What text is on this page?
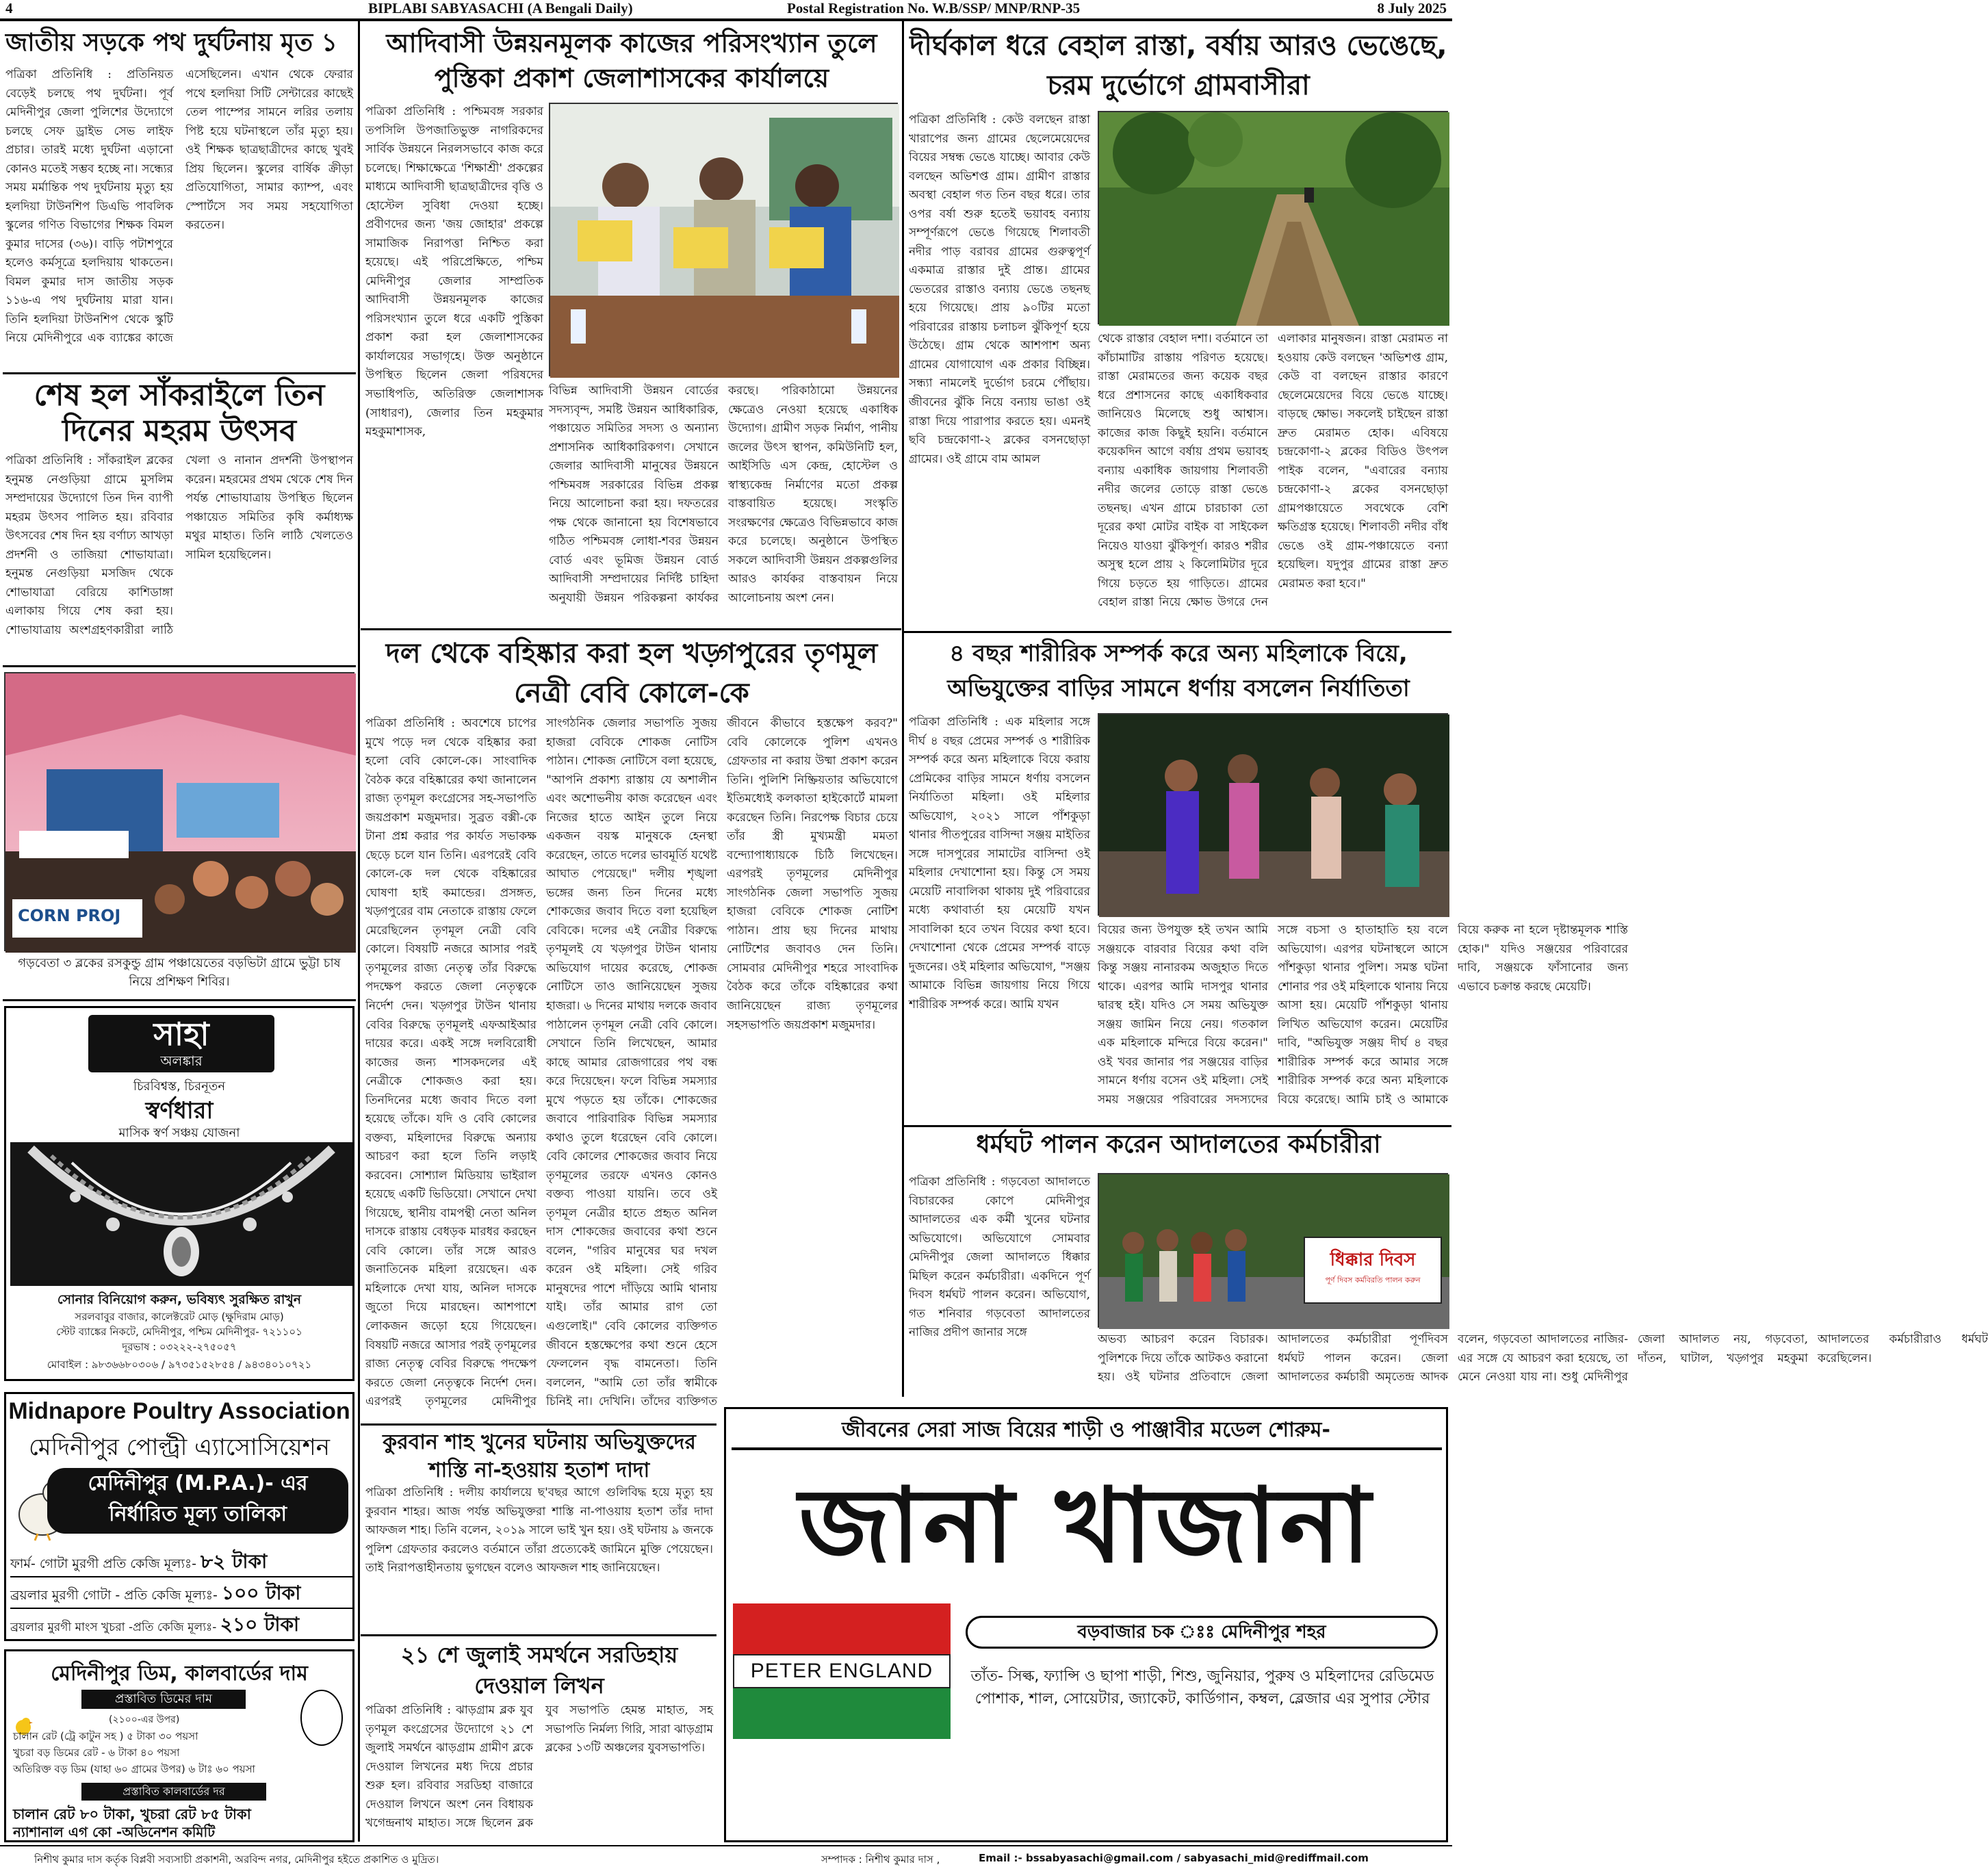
4	BIPLABI SABYASACHI (A Bengali Daily)	Postal Registration No. W.B/SSP/ MNP/RNP-35	8 July 2025
জাতীয় সড়কে পথ দুর্ঘটনায় মৃত ১
পত্রিকা প্রতিনিধি : প্রতিনিয়ত বেড়েই চলছে পথ দুর্ঘটনা। পূর্ব মেদিনীপুর জেলা পুলিশের উদ্যোগে চলছে সেফ ড্রাইভ সেভ লাইফ প্রচার। তারই মধ্যে দুর্ঘটনা এড়ানো কোনও মতেই সম্ভব হচ্ছে না। সন্ধ্যের সময় মর্মান্তিক পথ দুর্ঘটনায় মৃত্যু হয় হলদিয়া টাউনশিপ ডিএভি পাবলিক স্কুলের গণিত বিভাগের শিক্ষক বিমল কুমার দাসের (৩৬)। বাড়ি পটাশপুরে হলেও কর্মসূত্রে হলদিয়ায় থাকতেন। বিমল কুমার দাস জাতীয় সড়ক ১১৬-এ পথ দুর্ঘটনায় মারা যান। তিনি হলদিয়া টাউনশিপ থেকে স্কুটি নিয়ে মেদিনীপুরে এক ব্যাঙ্কের কাজে এসেছিলেন। এখান থেকে ফেরার পথে হলদিয়া সিটি সেন্টারের কাছেই তেল পাম্পের সামনে লরির তলায় পিষ্ট হয়ে ঘটনাস্থলে তাঁর মৃত্যু হয়। ওই শিক্ষক ছাত্রছাত্রীদের কাছে খুবই প্রিয় ছিলেন। স্কুলের বার্ষিক ক্রীড়া প্রতিযোগিতা, সামার ক্যাম্প, এবং স্পোর্টসে সব সময় সহযোগিতা করতেন।
শেষ হল সাঁকরাইলে তিন দিনের মহরম উৎসব
পত্রিকা প্রতিনিধি : সাঁকরাইল ব্লকের হনুমন্ত নেগুড়িয়া গ্রামে মুসলিম সম্প্রদায়ের উদ্যোগে তিন দিন ব্যাপী মহরম উৎসব পালিত হয়। রবিবার উৎসবের শেষ দিন হয় বর্ণাঢ্য আখড়া প্রদর্শনী ও তাজিয়া শোভাযাত্রা। হনুমন্ত নেগুড়িয়া মসজিদ থেকে শোভাযাত্রা বেরিয়ে কাশিডাঙ্গা এলাকায় গিয়ে শেষ করা হয়। শোভাযাত্রায় অংশগ্রহণকারীরা লাঠি খেলা ও নানান প্রদর্শনী উপস্থাপন করেন। মহরমের প্রথম থেকে শেষ দিন পর্যন্ত শোভাযাত্রায় উপস্থিত ছিলেন পঞ্চায়েত সমিতির কৃষি কর্মাধ্যক্ষ মথুর মাহাত। তিনি লাঠি খেলতেও সামিল হয়েছিলেন।
CORN PROJ
গড়বেতা ৩ ব্লকের রসকুন্ডু গ্রাম পঞ্চায়েতের বড়ভিটা গ্রামে ভুট্টা চাষ নিয়ে প্রশিক্ষণ শিবির।
সাহা
অলঙ্কার
চিরবিশ্বস্ত, চিরনূতন
স্বর্ণধারা
মাসিক স্বর্ণ সঞ্চয় যোজনা
সোনার বিনিয়োগ করুন, ভবিষ্যৎ সুরক্ষিত রাখুন
সরলবাবুর বাজার, কালেক্টরেট মোড় (ক্ষুদিরাম মোড়)
স্টেট ব্যাঙ্কের নিকটে, মেদিনীপুর, পশ্চিম মেদিনীপুর- ৭২১১০১
দূরভাষ : ০৩২২২-২৭৫০৫৭
মোবাইল : ৯৮৩৬৬৮০৩০৬ / ৯৭৩৫১৫২৮৫৪ / ৯৪৩৪০১০৭২১
Midnapore Poultry Association
মেদিনীপুর পোল্ট্রী এ্যাসোসিয়েশন
মেদিনীপুর (M.P.A.)- এর
নির্ধারিত মূল্য তালিকা
ফার্ম- গোটা মুরগী প্রতি কেজি মূল্যঃ- ৮২ টাকা
ব্রয়লার মুরগী গোটা - প্রতি কেজি মূল্যঃ- ১০০ টাকা
ব্রয়লার মুরগী মাংস খুচরা -প্রতি কেজি মূল্যঃ- ২১০ টাকা
মেদিনীপুর ডিম, কালবার্ডের দাম
প্রস্তাবিত ডিমের দাম
(২১০০-এর উপর)
চালান রেট (ট্রে কাটুন সহ ) ৫ টাকা ৩০ পয়সা
খুচরা বড় ডিমের রেট - ৬ টাকা ৪০ পয়সা
অতিরিক্ত বড় ডিম (যাহা ৬০ গ্রামের উপর) ৬ টাঃ ৬০ পয়সা
প্রস্তাবিত কালবার্ডের দর
চালান রেট ৮০ টাকা, খুচরা রেট ৮৫ টাকা
ন্যাশানাল এগ কো -অডিনেশন কমিটি
আদিবাসী উন্নয়নমূলক কাজের পরিসংখ্যান তুলে পুস্তিকা প্রকাশ জেলাশাসকের কার্যালয়ে
পত্রিকা প্রতিনিধি : পশ্চিমবঙ্গ সরকার তপসিলি উপজাতিভুক্ত নাগরিকদের সার্বিক উন্নয়নে নিরলসভাবে কাজ করে চলেছে। শিক্ষাক্ষেত্রে 'শিক্ষাশ্রী' প্রকল্পের মাধ্যমে আদিবাসী ছাত্রছাত্রীদের বৃত্তি ও হোস্টেল সুবিধা দেওয়া হচ্ছে। প্রবীণদের জন্য 'জয় জোহার' প্রকল্পে সামাজিক নিরাপত্তা নিশ্চিত করা হয়েছে। এই পরিপ্রেক্ষিতে, পশ্চিম মেদিনীপুর জেলার সাম্প্রতিক আদিবাসী উন্নয়নমূলক কাজের পরিসংখ্যান তুলে ধরে একটি পুস্তিকা প্রকাশ করা হল জেলাশাসকের কার্যালয়ের সভাগৃহে। উক্ত অনুষ্ঠানে উপস্থিত ছিলেন জেলা পরিষদের সভাধিপতি, অতিরিক্ত জেলাশাসক (সাধারণ), জেলার তিন মহকুমার মহকুমাশাসক,
বিভিন্ন আদিবাসী উন্নয়ন বোর্ডের সদস্যবৃন্দ, সমষ্টি উন্নয়ন আধিকারিক, পঞ্চায়েত সমিতির সদস্য ও অন্যান্য প্রশাসনিক আধিকারিকগণ। সেখানে জেলার আদিবাসী মানুষের উন্নয়নে পশ্চিমবঙ্গ সরকারের বিভিন্ন প্রকল্প নিয়ে আলোচনা করা হয়। দফতরের পক্ষ থেকে জানানো হয় বিশেষভাবে গঠিত পশ্চিমবঙ্গ লোধা-শবর উন্নয়ন বোর্ড এবং ভূমিজ উন্নয়ন বোর্ড আদিবাসী সম্প্রদায়ের নির্দিষ্ট চাহিদা অনুযায়ী উন্নয়ন পরিকল্পনা কার্যকর করছে। পরিকাঠামো উন্নয়নের ক্ষেত্রেও নেওয়া হয়েছে একাধিক উদ্যোগ। গ্রামীণ সড়ক নির্মাণ, পানীয় জলের উৎস স্থাপন, কমিউনিটি হল, আইসিডি এস কেন্দ্র, হোস্টেল ও স্বাস্থ্যকেন্দ্র নির্মাণের মতো প্রকল্প বাস্তবায়িত হয়েছে। সংস্কৃতি সংরক্ষণের ক্ষেত্রেও বিভিন্নভাবে কাজ করে চলেছে। অনুষ্ঠানে উপস্থিত সকলে আদিবাসী উন্নয়ন প্রকল্পগুলির আরও কার্যকর বাস্তবায়ন নিয়ে আলোচনায় অংশ নেন।
দল থেকে বহিষ্কার করা হল খড়্গপুরের তৃণমূল নেত্রী বেবি কোলে-কে
পত্রিকা প্রতিনিধি : অবশেষে চাপের মুখে পড়ে দল থেকে বহিষ্কার করা হলো বেবি কোলে-কে। সাংবাদিক বৈঠক করে বহিষ্কারের কথা জানালেন রাজ্য তৃণমূল কংগ্রেসের সহ-সভাপতি জয়প্রকাশ মজুমদার। সুব্রত বক্সী-কে টানা প্রশ্ন করার পর কার্যত সভাকক্ষ ছেড়ে চলে যান তিনি। এরপরেই বেবি কোলে-কে দল থেকে বহিষ্কারের ঘোষণা হাই কমান্ডের। প্রসঙ্গত, খড়্গপুরের বাম নেতাকে রাস্তায় ফেলে মেরেছিলেন তৃণমূল নেত্রী বেবি কোলে। বিষয়টি নজরে আসার পরই তৃণমূলের রাজ্য নেতৃত্ব তাঁর বিরুদ্ধে পদক্ষেপ করতে জেলা নেতৃত্বকে নির্দেশ দেন। খড়্গপুর টাউন থানায় বেবির বিরুদ্ধে তৃণমূলই এফআইআর দায়ের করে। একই সঙ্গে দলবিরোধী কাজের জন্য শাসকদলের এই নেত্রীকে শোকজও করা হয়। তিনদিনের মধ্যে জবাব দিতে বলা হয়েছে তাঁকে। যদি ও বেবি কোলের বক্তব্য, মহিলাদের বিরুদ্ধে অন্যায় আচরণ করা হলে তিনি লড়াই করবেন। সোশ্যাল মিডিয়ায় ভাইরাল হয়েছে একটি ভিডিয়ো। সেখানে দেখা গিয়েছে, স্থানীয় বামপন্থী নেতা অনিল দাসকে রাস্তায় বেধড়ক মারধর করছেন বেবি কোলে। তাঁর সঙ্গে আরও জনাতিনেক মহিলা রয়েছেন। এক মহিলাকে দেখা যায়, অনিল দাসকে জুতো দিয়ে মারছেন। আশপাশে লোকজন জড়ো হয়ে গিয়েছেন। বিষয়টি নজরে আসার পরই তৃণমূলের রাজ্য নেতৃত্ব বেবির বিরুদ্ধে পদক্ষেপ করতে জেলা নেতৃত্বকে নির্দেশ দেন। এরপরই তৃণমূলের মেদিনীপুর সাংগঠনিক জেলার সভাপতি সুজয় হাজরা বেবিকে শোকজ নোটিস পাঠান। শোকজ নোটিসে বলা হয়েছে, "আপনি প্রকাশ্য রাস্তায় যে অশালীন এবং অশোভনীয় কাজ করেছেন এবং নিজের হাতে আইন তুলে নিয়ে একজন বয়স্ক মানুষকে হেনস্থা করেছেন, তাতে দলের ভাবমূর্তি যথেষ্ট আঘাত পেয়েছে।" দলীয় শৃঙ্খলা ভঙ্গের জন্য তিন দিনের মধ্যে শোকজের জবাব দিতে বলা হয়েছিল বেবিকে। দলের এই নেত্রীর বিরুদ্ধে তৃণমূলই যে খড়্গপুর টাউন থানায় অভিযোগ দায়ের করেছে, শোকজ নোটিসে তাও জানিয়েছেন সুজয় হাজরা। ৬ দিনের মাথায় দলকে জবাব পাঠালেন তৃণমূল নেত্রী বেবি কোলে। সেখানে তিনি লিখেছেন, আমার কাছে আমার রোজগারের পথ বন্ধ করে দিয়েছেন। ফলে বিভিন্ন সমস্যার মুখে পড়তে হয় তাঁকে। শোকজের জবাবে পারিবারিক বিভিন্ন সমস্যার কথাও তুলে ধরেছেন বেবি কোলে। বেবি কোলের শোকজের জবাব নিয়ে তৃণমূলের তরফে এখনও কোনও বক্তব্য পাওয়া যায়নি। তবে ওই তৃণমূল নেত্রীর হাতে প্রহৃত অনিল দাস শোকজের জবাবের কথা শুনে বলেন, "গরিব মানুষের ঘর দখল করেন ওই মহিলা। সেই গরিব মানুষদের পাশে দাঁড়িয়ে আমি থানায় যাই। তাঁর আমার রাগ তো এগুলোই।" বেবি কোলের ব্যক্তিগত জীবনে হস্তক্ষেপের কথা শুনে হেসে ফেললেন বৃদ্ধ বামনেতা। তিনি বললেন, "আমি তো তাঁর স্বামীকে চিনিই না। দেখিনি। তাঁদের ব্যক্তিগত জীবনে কীভাবে হস্তক্ষেপ করব?" বেবি কোলেকে পুলিশ এখনও গ্রেফতার না করায় উষ্মা প্রকাশ করেন তিনি। পুলিশি নিষ্ক্রিয়তার অভিযোগে ইতিমধ্যেই কলকাতা হাইকোর্টে মামলা করেছেন তিনি। নিরপেক্ষ বিচার চেয়ে তাঁর স্ত্রী মুখ্যমন্ত্রী মমতা বন্দ্যোপাধ্যায়কে চিঠি লিখেছেন। এরপরই তৃণমূলের মেদিনীপুর সাংগঠনিক জেলা সভাপতি সুজয় হাজরা বেবিকে শোকজ নোটিশ পাঠান। প্রায় ছয় দিনের মাথায় নোটিশের জবাবও দেন তিনি। সোমবার মেদিনীপুর শহরে সাংবাদিক বৈঠক করে তাঁকে বহিষ্কারের কথা জানিয়েছেন রাজ্য তৃণমূলের সহসভাপতি জয়প্রকাশ মজুমদার।
কুরবান শাহ খুনের ঘটনায় অভিযুক্তদের শাস্তি না-হওয়ায় হতাশ দাদা
পত্রিকা প্রতিনিধি : দলীয় কার্যালয়ে ছ'বছর আগে গুলিবিদ্ধ হয়ে মৃত্যু হয় কুরবান শাহর। আজ পর্যন্ত অভিযুক্তরা শাস্তি না-পাওয়ায় হতাশ তাঁর দাদা আফজল শাহ। তিনি বলেন, ২০১৯ সালে ভাই খুন হয়। ওই ঘটনায় ৯ জনকে পুলিশ গ্রেফতার করলেও বর্তমানে তাঁরা প্রত্যেকেই জামিনে মুক্তি পেয়েছেন। তাই নিরাপত্তাহীনতায় ভুগছেন বলেও আফজল শাহ জানিয়েছেন।
২১ শে জুলাই সমর্থনে সরডিহায় দেওয়াল লিখন
পত্রিকা প্রতিনিধি : ঝাড়গ্রাম ব্লক যুব তৃণমূল কংগ্রেসের উদ্যোগে ২১ শে জুলাই সমর্থনে ঝাড়গ্রাম গ্রামীণ ব্লকে দেওয়াল লিখনের মধ্য দিয়ে প্রচার শুরু হল। রবিবার সরডিহা বাজারে দেওয়াল লিখনে অংশ নেন বিধায়ক খগেন্দ্রনাথ মাহাত। সঙ্গে ছিলেন ব্লক যুব সভাপতি হেমন্ত মাহাত, সহ সভাপতি নির্মল্য গিরি, সারা ঝাড়গ্রাম ব্লকের ১৩টি অঞ্চলের যুবসভাপতি।
দীর্ঘকাল ধরে বেহাল রাস্তা, বর্ষায় আরও ভেঙেছে, চরম দুর্ভোগে গ্রামবাসীরা
পত্রিকা প্রতিনিধি : কেউ বলছেন রাস্তা খারাপের জন্য গ্রামের ছেলেমেয়েদের বিয়ের সম্বন্ধ ভেঙে যাচ্ছে। আবার কেউ বলছেন অভিশপ্ত গ্রাম। গ্রামীণ রাস্তার অবস্থা বেহাল গত তিন বছর ধরে। তার ওপর বর্ষা শুরু হতেই ভয়াবহ বন্যায় সম্পূর্ণরূপে ভেঙে গিয়েছে শিলাবতী নদীর পাড় বরাবর গ্রামের গুরুত্বপূর্ণ একমাত্র রাস্তার দুই প্রান্ত। গ্রামের ভেতরের রাস্তাও বন্যায় ভেঙে তছনছ হয়ে গিয়েছে। প্রায় ৯০টির মতো পরিবারের রাস্তায় চলাচল ঝুঁকিপূর্ণ হয়ে উঠেছে। গ্রাম থেকে আশপাশ অন্য গ্রামের যোগাযোগ এক প্রকার বিচ্ছিন্ন। সন্ধ্যা নামলেই দুর্ভোগ চরমে পৌঁছায়। জীবনের ঝুঁকি নিয়ে বন্যায় ভাঙা ওই রাস্তা দিয়ে পারাপার করতে হয়। এমনই ছবি চন্দ্রকোণা-২ ব্লকের বসনছোড়া গ্রামের। ওই গ্রামে বাম আমল
থেকে রাস্তার বেহাল দশা। বর্তমানে তা কাঁচামাটির রাস্তায় পরিণত হয়েছে। রাস্তা মেরামতের জন্য কয়েক বছর ধরে প্রশাসনের কাছে একাধিকবার জানিয়েও মিলেছে শুধু আশ্বাস। কাজের কাজ কিছুই হয়নি। বর্তমানে কয়েকদিন আগে বর্ষায় প্রথম ভয়াবহ বন্যায় একাধিক জায়গায় শিলাবতী নদীর জলের তোড়ে রাস্তা ভেঙে তছনছ। এখন গ্রামে চারচাকা তো দূরের কথা মোটর বাইক বা সাইকেল নিয়েও যাওয়া ঝুঁকিপূর্ণ। কারও শরীর অসুস্থ হলে প্রায় ২ কিলোমিটার দূরে গিয়ে চড়তে হয় গাড়িতে। গ্রামের বেহাল রাস্তা নিয়ে ক্ষোভ উগরে দেন এলাকার মানুষজন। রাস্তা মেরামত না হওয়ায় কেউ বলছেন 'অভিশপ্ত গ্রাম, কেউ বা বলছেন রাস্তার কারণে ছেলেমেয়েদের বিয়ে ভেঙে যাচ্ছে। বাড়ছে ক্ষোভ। সকলেই চাইছেন রাস্তা দ্রুত মেরামত হোক। এবিষয়ে চন্দ্রকোণা-২ ব্লকের বিডিও উৎপল পাইক বলেন, "এবারের বন্যায় চন্দ্রকোণা-২ ব্লকের বসনছোড়া গ্রামপঞ্চায়েতে সবথেকে বেশি ক্ষতিগ্রস্ত হয়েছে। শিলাবতী নদীর বাঁধ ভেঙে ওই গ্রাম-পঞ্চায়েতে বন্যা হয়েছিল। যদুপুর গ্রামের রাস্তা দ্রুত মেরামত করা হবে।"
৪ বছর শারীরিক সম্পর্ক করে অন্য মহিলাকে বিয়ে, অভিযুক্তের বাড়ির সামনে ধর্ণায় বসলেন নির্যাতিতা
পত্রিকা প্রতিনিধি : এক মহিলার সঙ্গে দীর্ঘ ৪ বছর প্রেমের সম্পর্ক ও শারীরিক সম্পর্ক করে অন্য মহিলাকে বিয়ে করায় প্রেমিকের বাড়ির সামনে ধর্ণায় বসলেন নির্যাতিতা মহিলা। ওই মহিলার অভিযোগ, ২০২১ সালে পাঁশকুড়া থানার পীতপুরের বাসিন্দা সঞ্জয় মাইতির সঙ্গে দাসপুরের সামাটের বাসিন্দা ওই মহিলার দেখাশোনা হয়। কিন্তু সে সময় মেয়েটি নাবালিকা থাকায় দুই পরিবারের মধ্যে কথাবার্তা হয় মেয়েটি যখন সাবালিকা হবে তখন বিয়ের কথা হবে। দেখাশোনা থেকে প্রেমের সম্পর্ক বাড়ে দুজনের। ওই মহিলার অভিযোগ, "সঞ্জয় আমাকে বিভিন্ন জায়গায় নিয়ে গিয়ে শারীরিক সম্পর্ক করে। আমি যখন
বিয়ের জন্য উপযুক্ত হই তখন আমি সঞ্জয়কে বারবার বিয়ের কথা বলি কিন্তু সঞ্জয় নানারকম অজুহাত দিতে থাকে। এরপর আমি দাসপুর থানার দ্বারস্থ হই। যদিও সে সময় অভিযুক্ত সঞ্জয় জামিন নিয়ে নেয়। গতকাল এক মহিলাকে মন্দিরে বিয়ে করেন।" ওই খবর জানার পর সঞ্জয়ের বাড়ির সামনে ধর্ণায় বসেন ওই মহিলা। সেই সময় সঞ্জয়ের পরিবারের সদস্যদের সঙ্গে বচসা ও হাতাহাতি হয় বলে অভিযোগ। এরপর ঘটনাস্থলে আসে পাঁশকুড়া থানার পুলিশ। সমস্ত ঘটনা শোনার পর ওই মহিলাকে থানায় নিয়ে আসা হয়। মেয়েটি পাঁশকুড়া থানায় লিখিত অভিযোগ করেন। মেয়েটির দাবি, "অভিযুক্ত সঞ্জয় দীর্ঘ ৪ বছর শারীরিক সম্পর্ক করে আমার সঙ্গে শারীরিক সম্পর্ক করে অন্য মহিলাকে বিয়ে করেছে। আমি চাই ও আমাকে বিয়ে করুক না হলে দৃষ্টান্তমূলক শাস্তি হোক।" যদিও সঞ্জয়ের পরিবারের দাবি, সঞ্জয়কে ফাঁসানোর জন্য এভাবে চক্রান্ত করছে মেয়েটি।
ধর্মঘট পালন করেন আদালতের কর্মচারীরা
পত্রিকা প্রতিনিধি : গড়বেতা আদালতে বিচারকের কোপে মেদিনীপুর আদালতের এক কর্মী খুনের ঘটনার অভিযোগে। অভিযোগে সোমবার মেদিনীপুর জেলা আদালতে ধিক্কার মিছিল করেন কর্মচারীরা। একদিনে পূর্ণ দিবস ধর্মঘট পালন করেন। অভিযোগ, গত শনিবার গড়বেতা আদালতের নাজির প্রদীপ জানার সঙ্গে
ধিক্কার দিবস
পূর্ণ দিবস কর্মবিরতি পালন করুন
অভব্য আচরণ করেন বিচারক। পুলিশকে দিয়ে তাঁকে আটকও করানো হয়। ওই ঘটনার প্রতিবাদে জেলা আদালতের কর্মচারীরা পূর্ণদিবস ধর্মঘট পালন করেন। জেলা আদালতের কর্মচারী অমৃতেন্দ্র আদক বলেন, গড়বেতা আদালতের নাজির-এর সঙ্গে যে আচরণ করা হয়েছে, তা মেনে নেওয়া যায় না। শুধু মেদিনীপুর জেলা আদালত নয়, গড়বেতা, দাঁতন, ঘাটাল, খড়্গপুর মহকুমা আদালতের কর্মচারীরাও ধর্মঘট করেছিলেন।
জীবনের সেরা সাজ বিয়ের শাড়ী ও পাঞ্জাবীর মডেল শোরুম-
জানা খাজানা
PETER ENGLAND
বড়বাজার চক ঃঃ মেদিনীপুর শহর
তাঁত- সিল্ক, ফ্যান্সি ও ছাপা শাড়ী, শিশু, জুনিয়ার, পুরুষ ও মহিলাদের রেডিমেড পোশাক, শাল, সোয়েটার, জ্যাকেট, কার্ডিগান, কম্বল, ব্লেজার এর সুপার স্টোর
নিশীথ কুমার দাস কর্তৃক বিপ্লবী সব্যসাচী প্রকাশনী, অরবিন্দ নগর, মেদিনীপুর হইতে প্রকাশিত ও মুদ্রিত।	সম্পাদক : নিশীথ কুমার দাস ,	Email :- bssabyasachi@gmail.com / sabyasachi_mid@rediffmail.com
